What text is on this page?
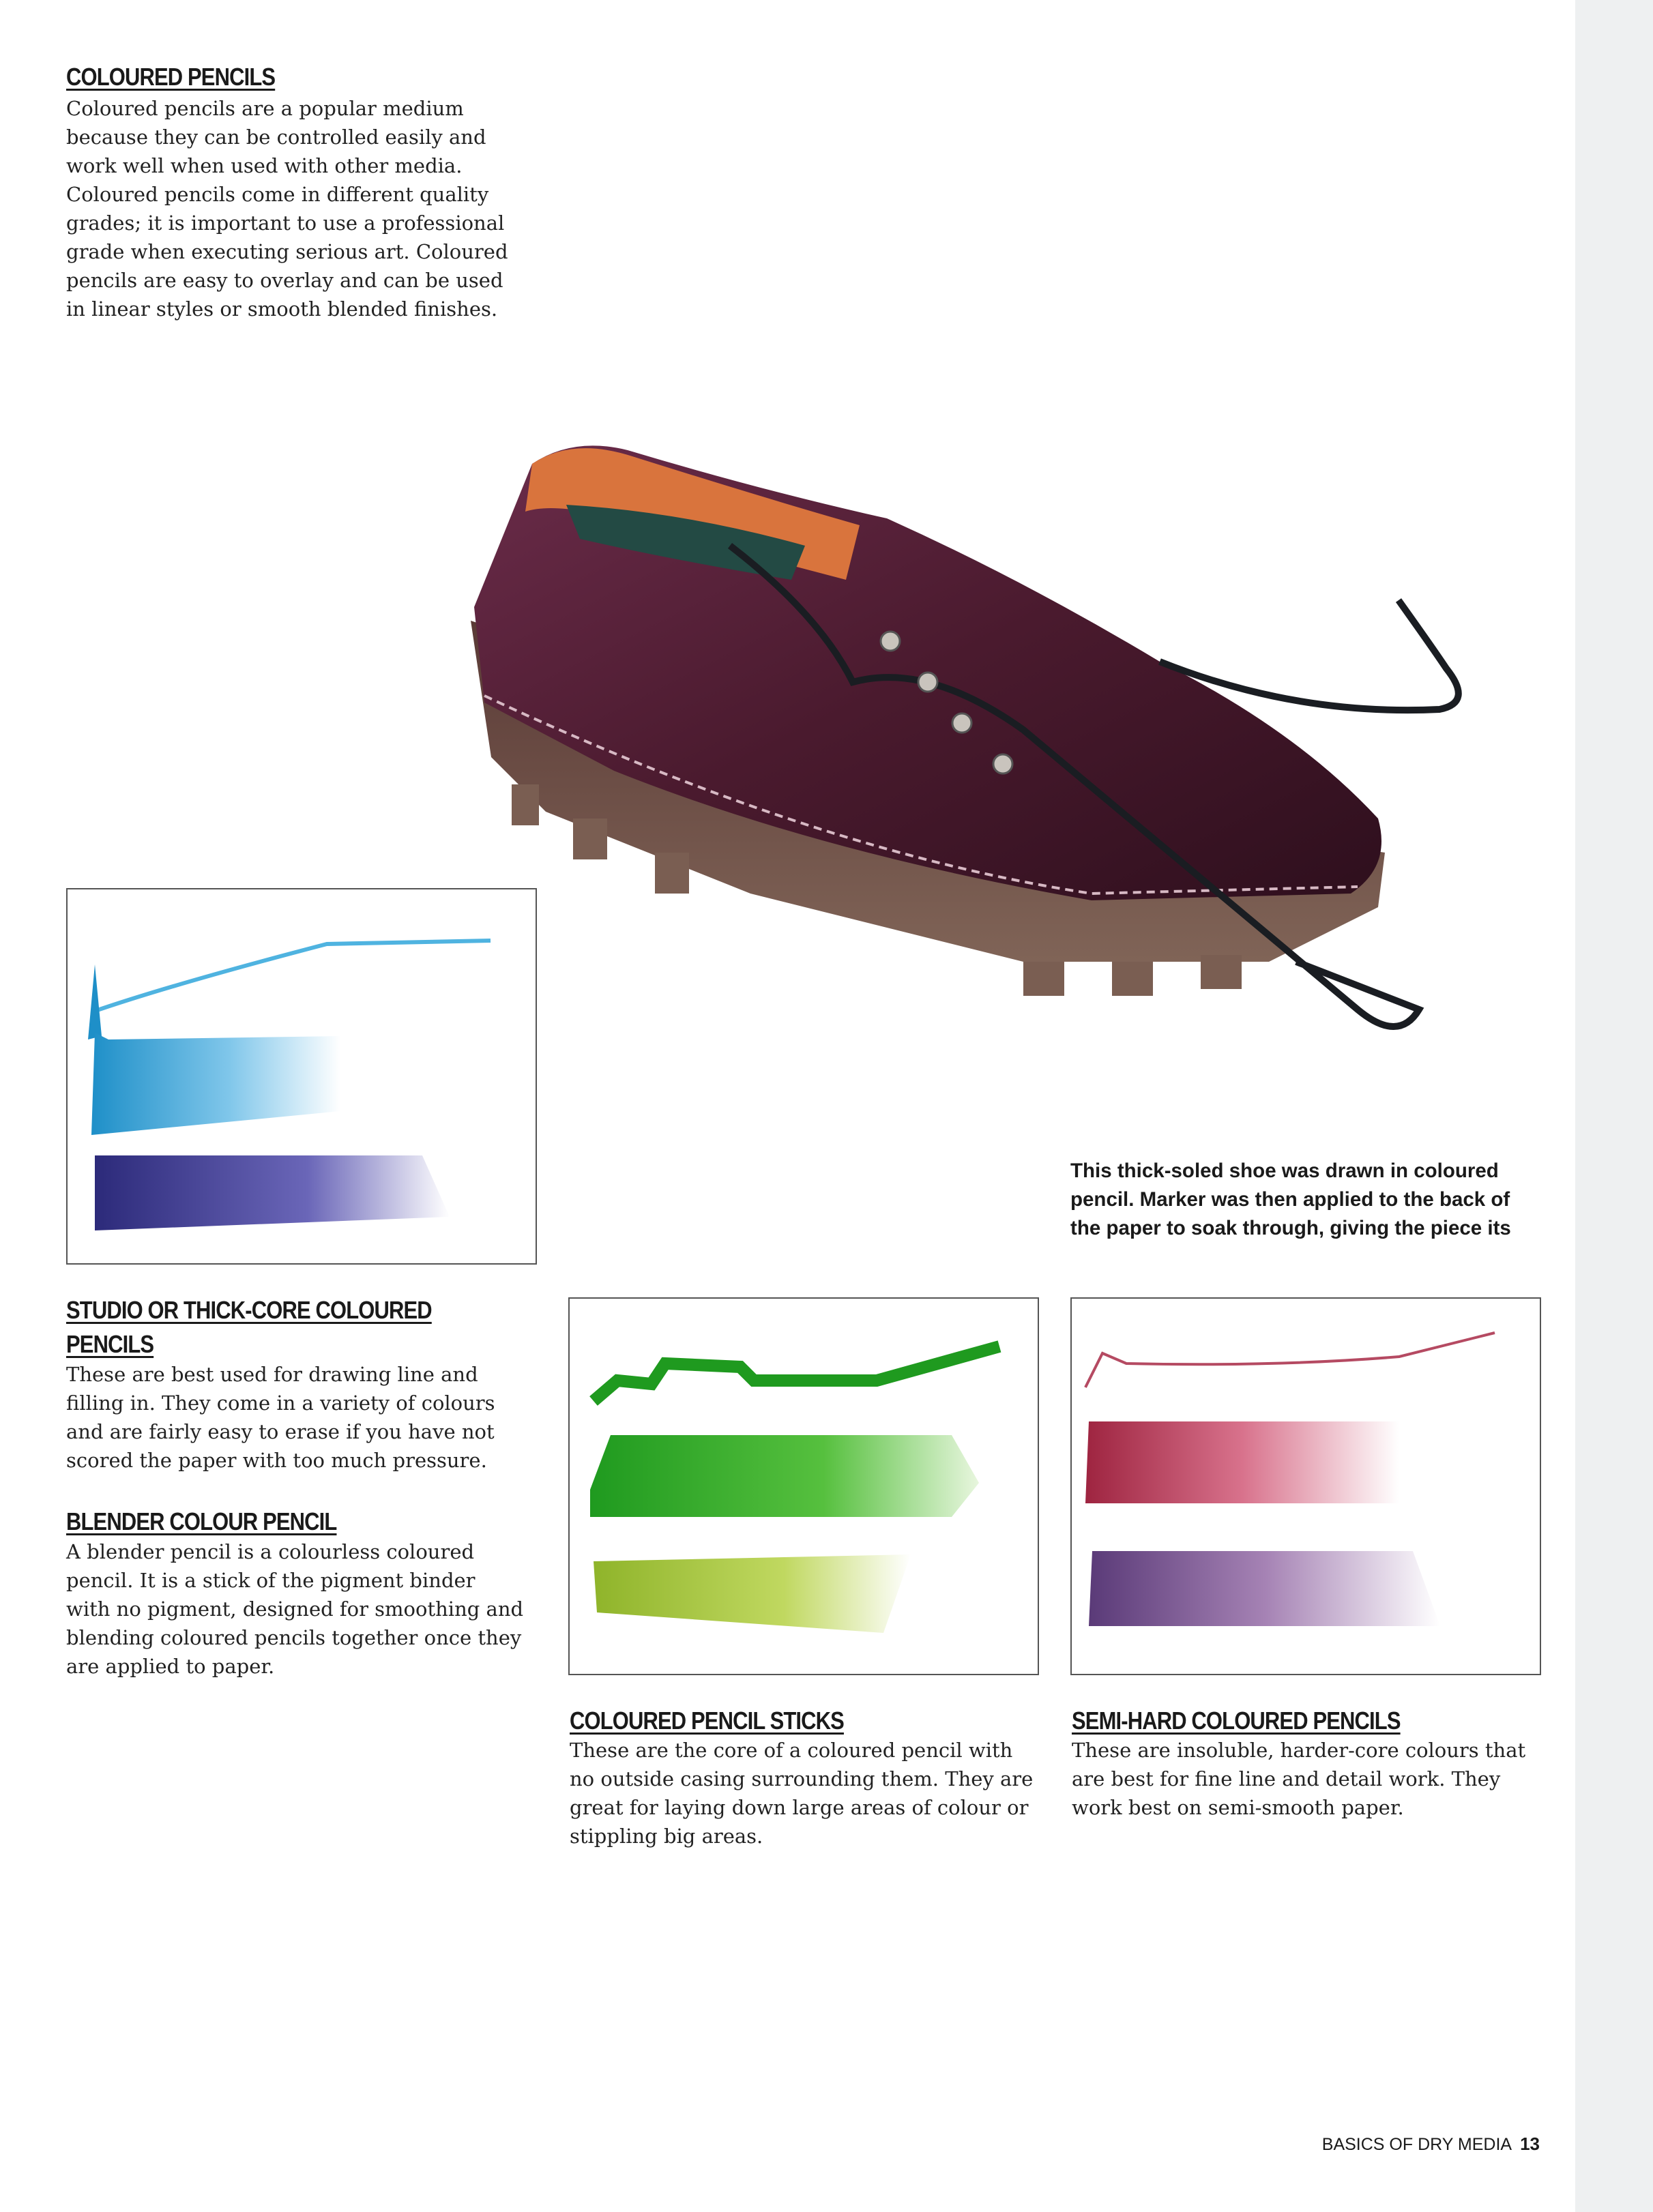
COLOURED PENCILS
Coloured pencils are a popular medium
because they can be controlled easily and
work well when used with other media.
Coloured pencils come in different quality
grades; it is important to use a professional
grade when executing serious art. Coloured
pencils are easy to overlay and can be used
in linear styles or smooth blended finishes.
This thick-soled shoe was drawn in coloured
pencil. Marker was then applied to the back of
the paper to soak through, giving the piece its
STUDIO OR THICK-CORE COLOURED
PENCILS
These are best used for drawing line and
filling in. They come in a variety of colours
and are fairly easy to erase if you have not
scored the paper with too much pressure.
BLENDER COLOUR PENCIL
A blender pencil is a colourless coloured
pencil. It is a stick of the pigment binder
with no pigment, designed for smoothing and
blending coloured pencils together once they
are applied to paper.
COLOURED PENCIL STICKS
These are the core of a coloured pencil with
no outside casing surrounding them. They are
great for laying down large areas of colour or
stippling big areas.
SEMI-HARD COLOURED PENCILS
These are insoluble, harder-core colours that
are best for fine line and detail work. They
work best on semi-smooth paper.
BASICS OF DRY MEDIA 13
